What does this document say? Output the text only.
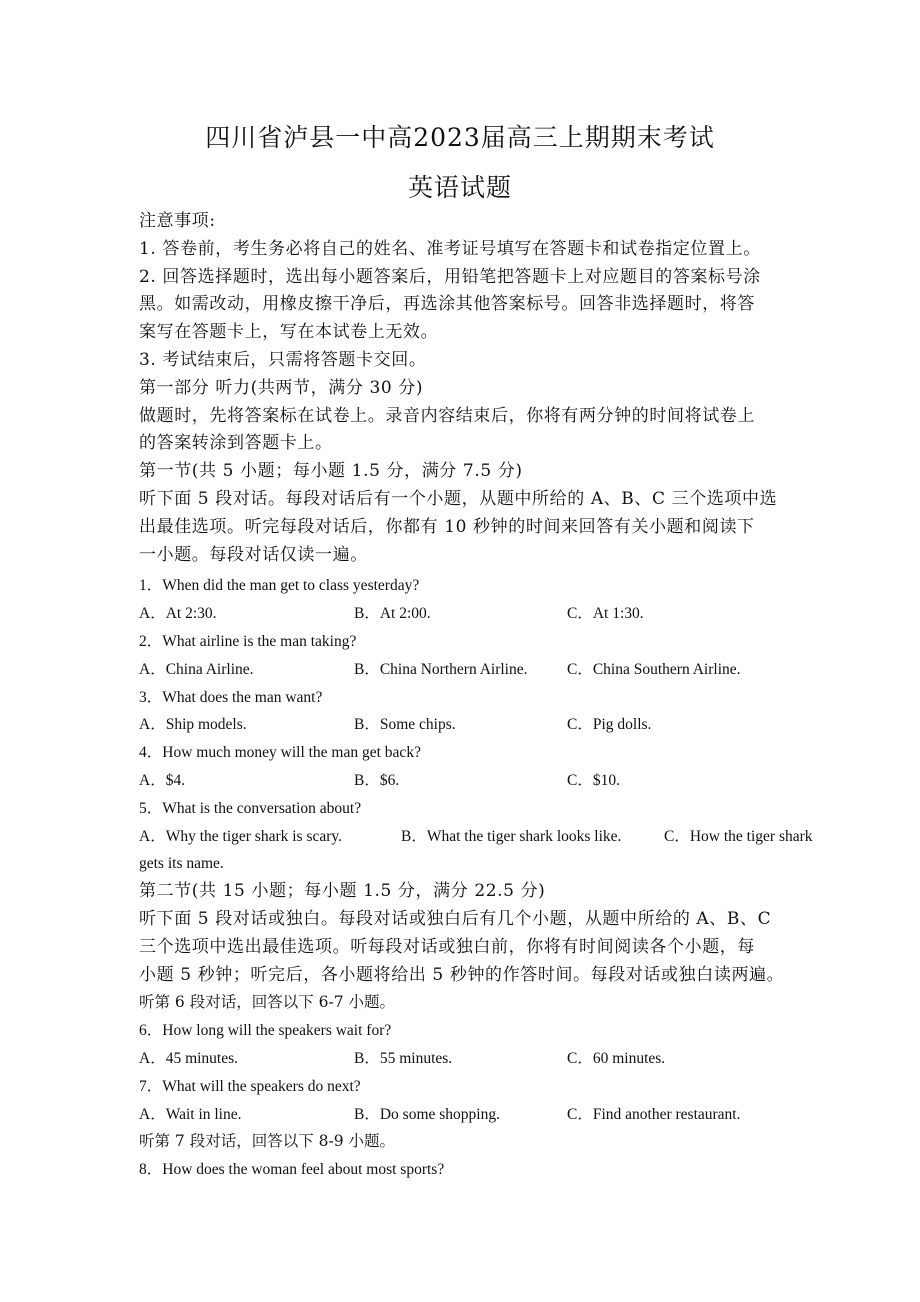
四川省泸县一中高2023届高三上期期末考试
英语试题
注意事项:
1. 答卷前，考生务必将自己的姓名、准考证号填写在答题卡和试卷指定位置上。
2. 回答选择题时，选出每小题答案后，用铅笔把答题卡上对应题目的答案标号涂
黑。如需改动，用橡皮擦干净后，再选涂其他答案标号。回答非选择题时，将答
案写在答题卡上，写在本试卷上无效。
3. 考试结束后，只需将答题卡交回。
第一部分 听力(共两节，满分 30 分)
做题时，先将答案标在试卷上。录音内容结束后，你将有两分钟的时间将试卷上
的答案转涂到答题卡上。
第一节(共 5 小题；每小题 1.5 分，满分 7.5 分)
听下面 5 段对话。每段对话后有一个小题，从题中所给的 A、B、C 三个选项中选
出最佳选项。听完每段对话后，你都有 10 秒钟的时间来回答有关小题和阅读下
一小题。每段对话仅读一遍。
1．When did the man get to class yesterday?
A．At 2:30.	B．At 2:00.	C．At 1:30.
2．What airline is the man taking?
A．China Airline.	B．China Northern Airline.	C．China Southern Airline.
3．What does the man want?
A．Ship models.	B．Some chips.	C．Pig dolls.
4．How much money will the man get back?
A．$4.	B．$6.	C．$10.
5．What is the conversation about?
A．Why the tiger shark is scary.	B．What the tiger shark looks like.	C．How the tiger shark
gets its name.
第二节(共 15 小题；每小题 1.5 分，满分 22.5 分)
听下面 5 段对话或独白。每段对话或独白后有几个小题，从题中所给的 A、B、C
三个选项中选出最佳选项。听每段对话或独白前，你将有时间阅读各个小题，每
小题 5 秒钟；听完后，各小题将给出 5 秒钟的作答时间。每段对话或独白读两遍。
听第 6 段对话，回答以下 6-7 小题。
6．How long will the speakers wait for?
A．45 minutes.	B．55 minutes.	C．60 minutes.
7．What will the speakers do next?
A．Wait in line.	B．Do some shopping.	C．Find another restaurant.
听第 7 段对话，回答以下 8-9 小题。
8．How does the woman feel about most sports?
